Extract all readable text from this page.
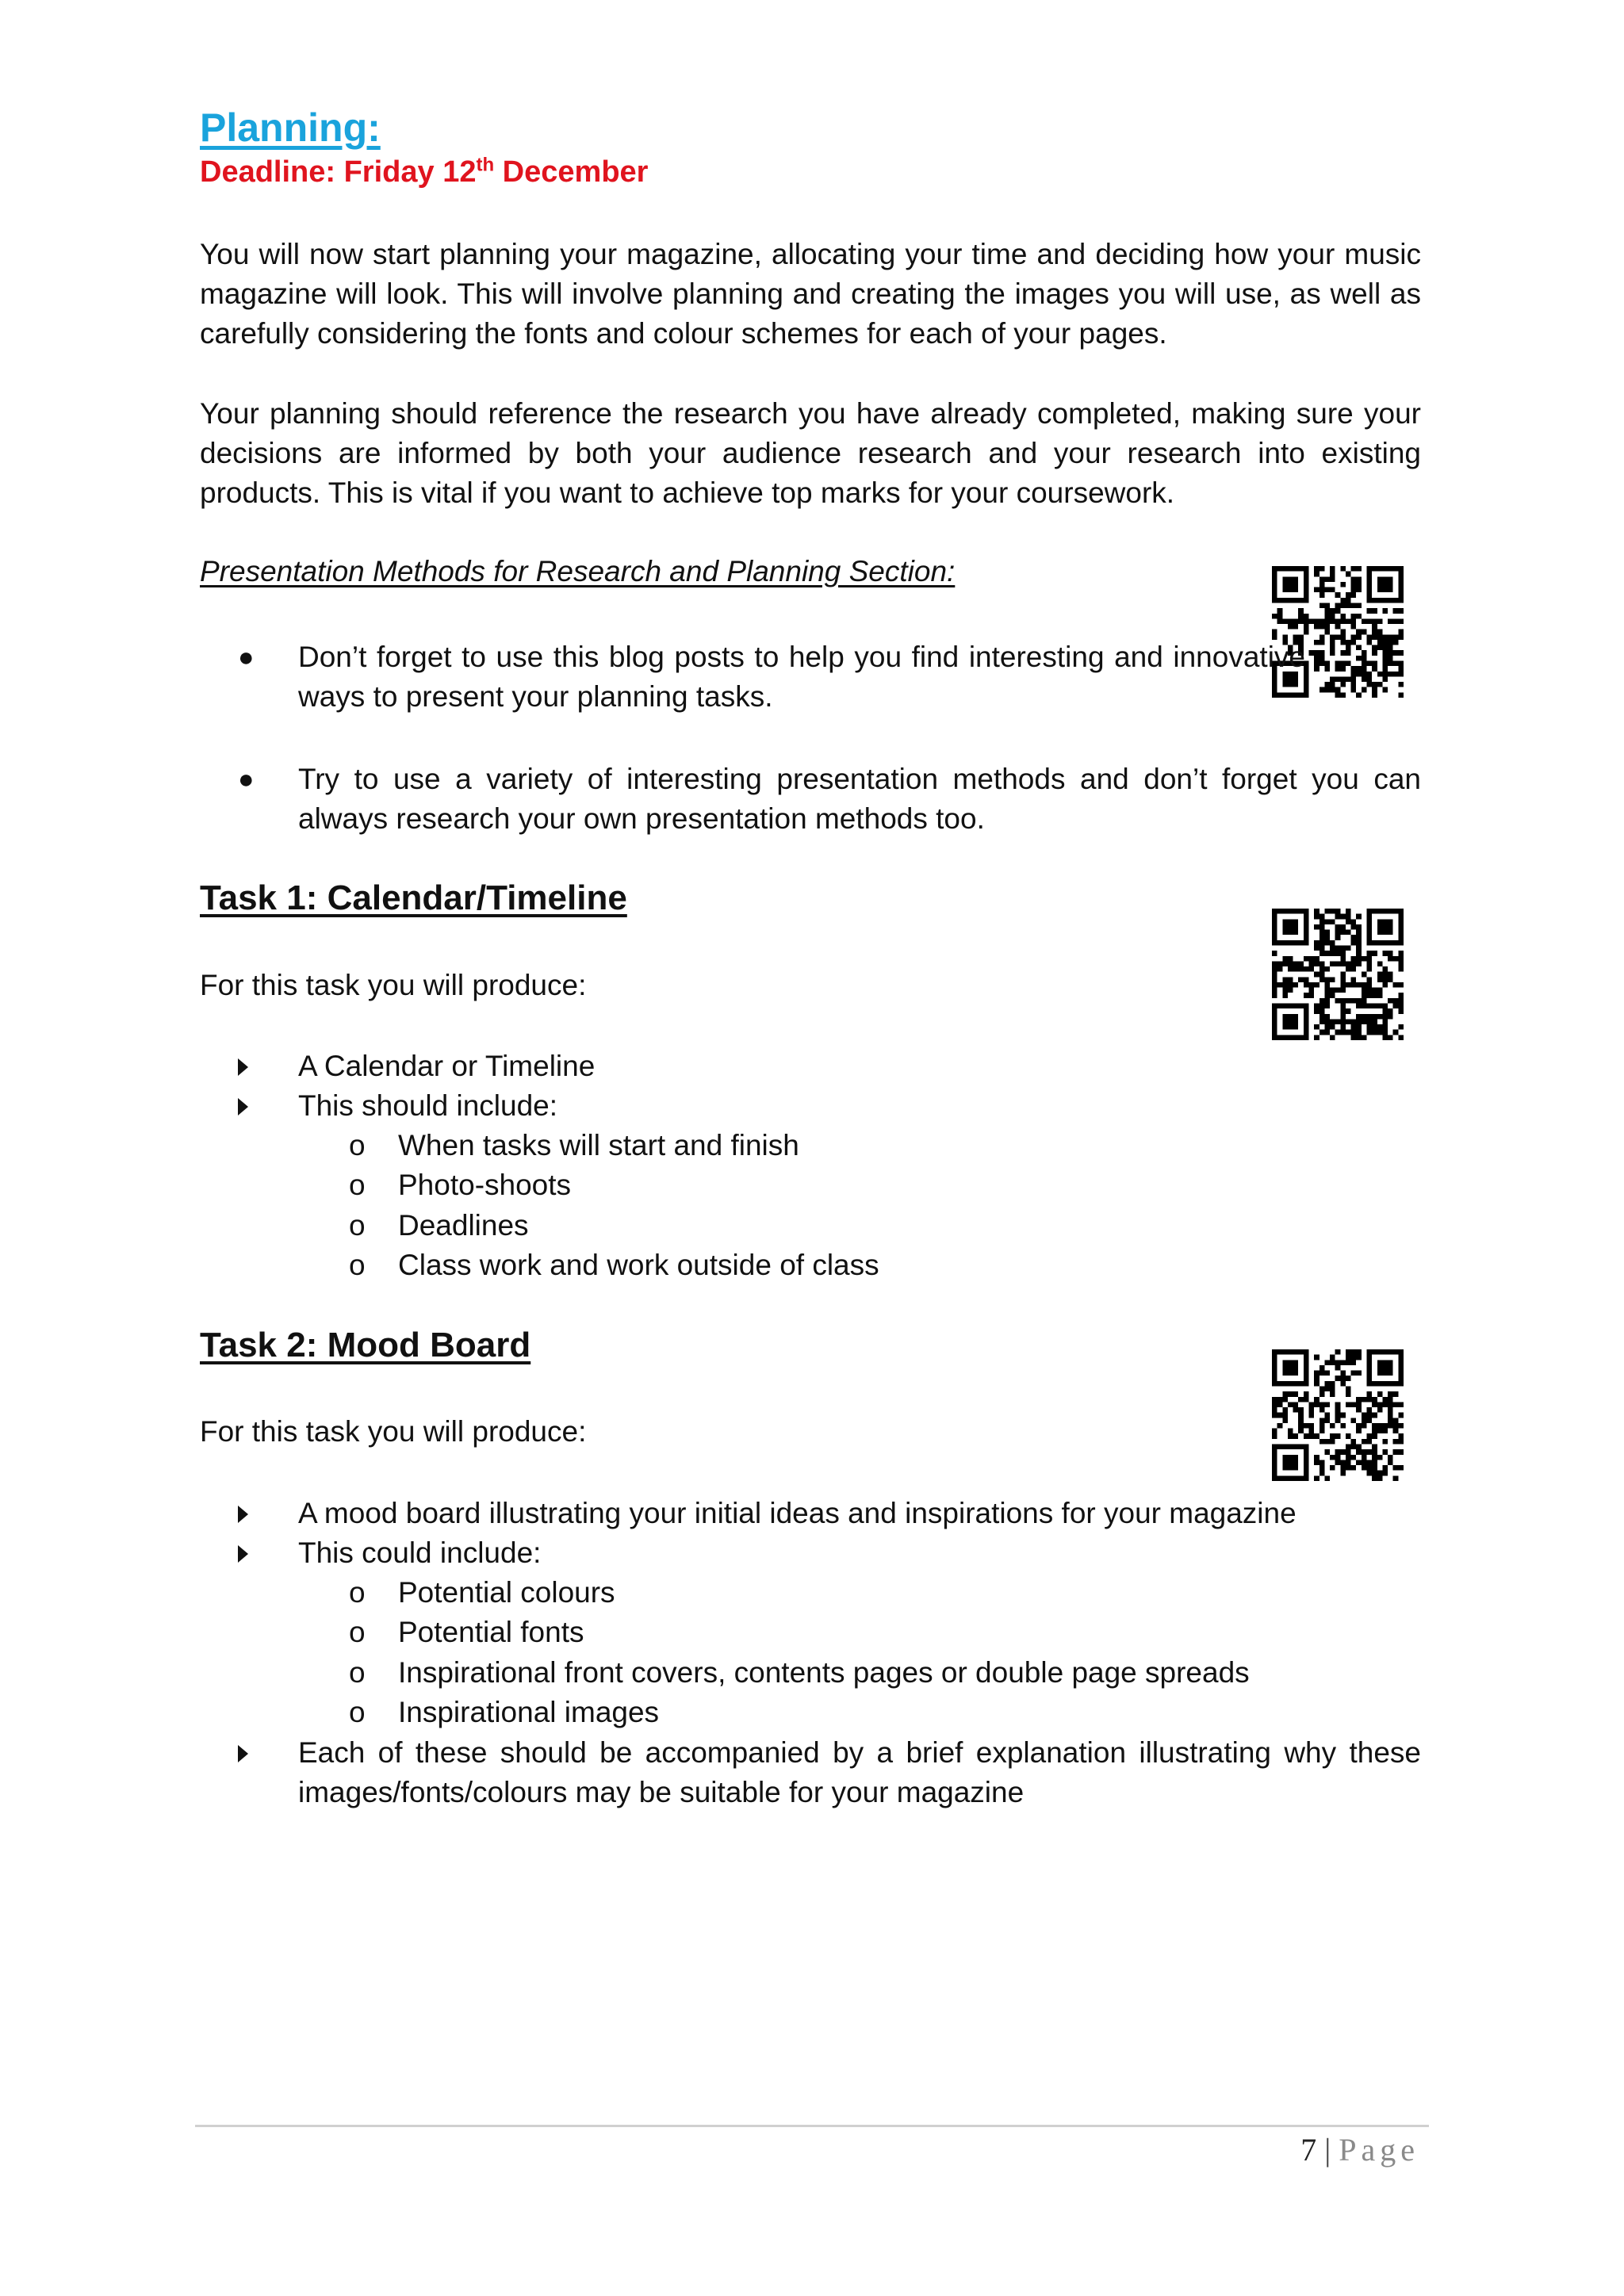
Planning:
Deadline: Friday 12th December
You will now start planning your magazine, allocating your time and deciding how your music magazine will look. This will involve planning and creating the images you will use, as well as carefully considering the fonts and colour schemes for each of your pages.
Your planning should reference the research you have already completed, making sure your decisions are informed by both your audience research and your research into existing products. This is vital if you want to achieve top marks for your coursework.
Presentation Methods for Research and Planning Section:
●	Don’t forget to use this blog posts to help you find interesting and innovative ways to present your planning tasks.
●	Try to use a variety of interesting presentation methods and don’t forget you can always research your own presentation methods too.
Task 1: Calendar/Timeline
For this task you will produce:
A Calendar or Timeline
This should include:
o When tasks will start and finish
o Photo-shoots
o Deadlines
o Class work and work outside of class
Task 2: Mood Board
For this task you will produce:
A mood board illustrating your initial ideas and inspirations for your magazine
This could include:
o Potential colours
o Potential fonts
o Inspirational front covers, contents pages or double page spreads
o Inspirational images
Each of these should be accompanied by a brief explanation illustrating why these images/fonts/colours may be suitable for your magazine
7 | Page
